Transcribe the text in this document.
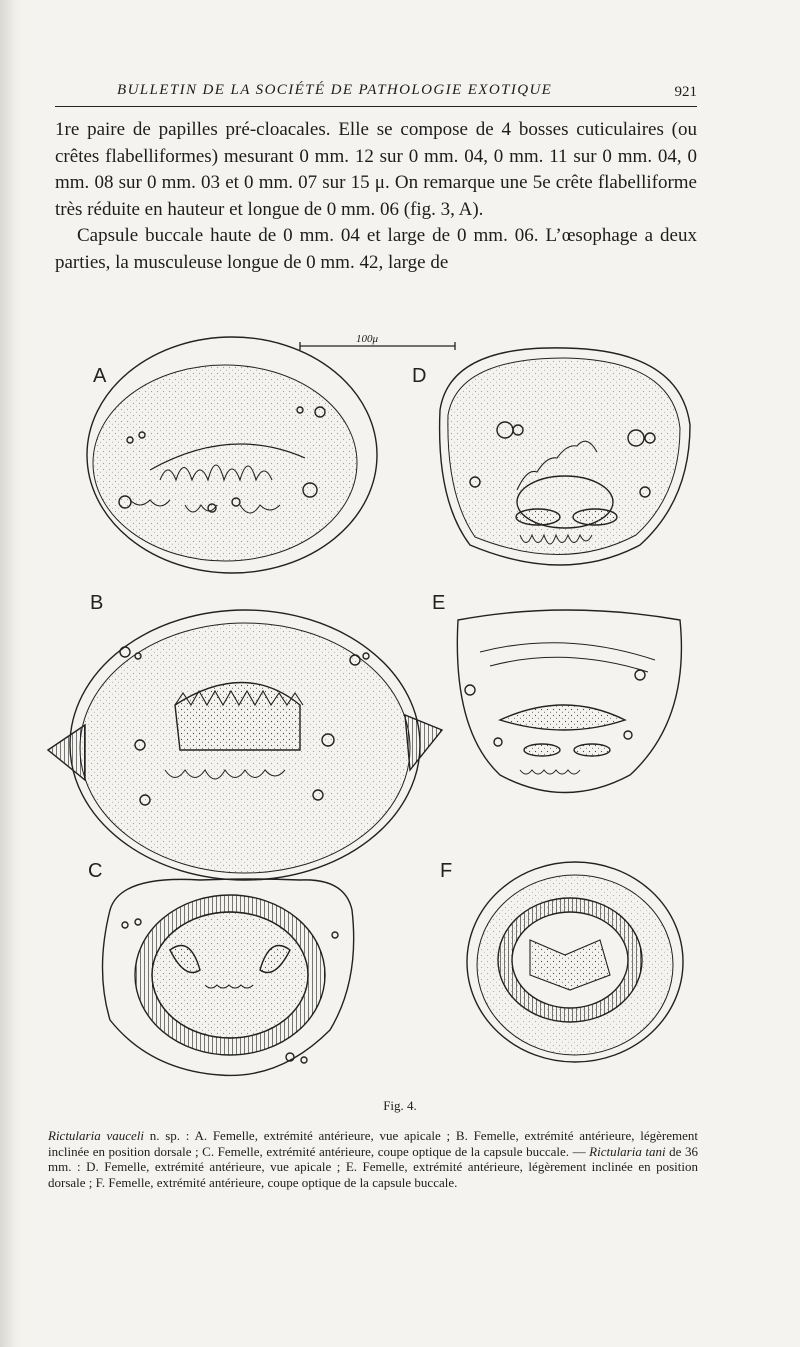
BULLETIN DE LA SOCIÉTÉ DE PATHOLOGIE EXOTIQUE	921

1re paire de papilles pré-cloacales. Elle se compose de 4 bosses cuticulaires (ou crêtes flabelliformes) mesurant 0 mm. 12 sur 0 mm. 04, 0 mm. 11 sur 0 mm. 04, 0 mm. 08 sur 0 mm. 03 et 0 mm. 07 sur 15 μ. On remarque une 5e crête flabelliforme très réduite en hauteur et longue de 0 mm. 06 (fig. 3, A).

Capsule buccale haute de 0 mm. 04 et large de 0 mm. 06. L’œsophage a deux parties, la musculeuse longue de 0 mm. 42, large de

100μ
A	D
B	E
C	F
Fig. 4.
Rictularia vauceli n. sp. : A. Femelle, extrémité antérieure, vue apicale ; B. Femelle, extrémité antérieure, légèrement inclinée en position dorsale ; C. Femelle, extrémité antérieure, coupe optique de la capsule buccale. — Rictularia tani de 36 mm. : D. Femelle, extrémité antérieure, vue apicale ; E. Femelle, extrémité antérieure, légèrement inclinée en position dorsale ; F. Femelle, extrémité antérieure, coupe optique de la capsule buccale.
